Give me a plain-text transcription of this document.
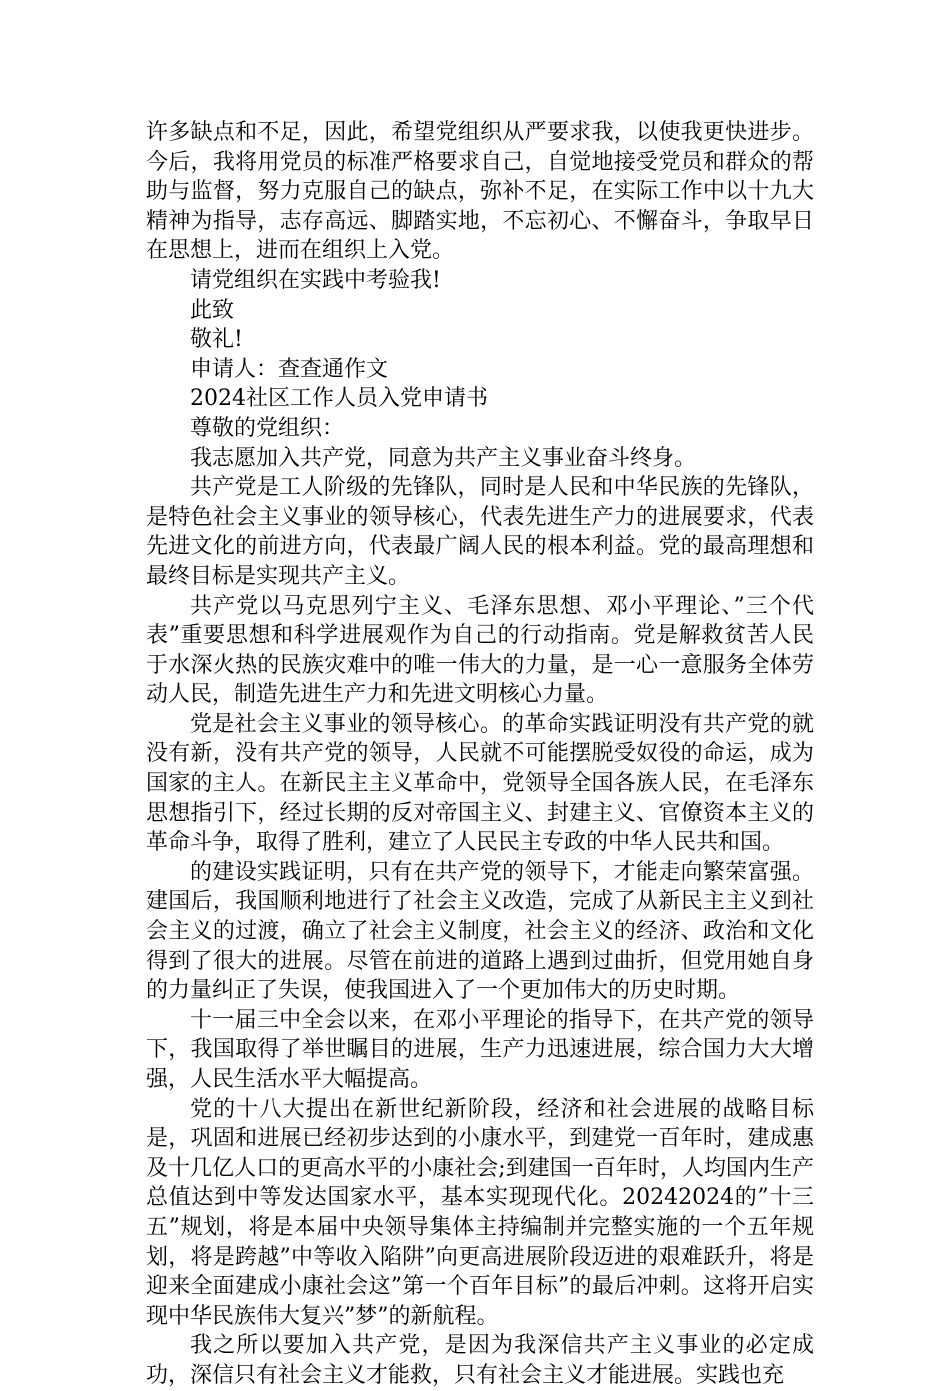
许多缺点和不足，因此，希望党组织从严要求我，以使我更快进步。今后，我将用党员的标准严格要求自己，自觉地接受党员和群众的帮助与监督，努力克服自己的缺点，弥补不足，在实际工作中以十九大精神为指导，志存高远、脚踏实地，不忘初心、不懈奋斗，争取早日在思想上，进而在组织上入党。

请党组织在实践中考验我!

此致

敬礼!

申请人：查查通作文

2024社区工作人员入党申请书

尊敬的党组织：

我志愿加入共产党，同意为共产主义事业奋斗终身。

共产党是工人阶级的先锋队，同时是人民和中华民族的先锋队，是特色社会主义事业的领导核心，代表先进生产力的进展要求，代表先进文化的前进方向，代表最广阔人民的根本利益。党的最高理想和最终目标是实现共产主义。

共产党以马克思列宁主义、毛泽东思想、邓小平理论、”三个代表”重要思想和科学进展观作为自己的行动指南。党是解救贫苦人民于水深火热的民族灾难中的唯一伟大的力量，是一心一意服务全体劳动人民，制造先进生产力和先进文明核心力量。

党是社会主义事业的领导核心。的革命实践证明没有共产党的就没有新，没有共产党的领导，人民就不可能摆脱受奴役的命运，成为国家的主人。在新民主主义革命中，党领导全国各族人民，在毛泽东思想指引下，经过长期的反对帝国主义、封建主义、官僚资本主义的革命斗争，取得了胜利，建立了人民民主专政的中华人民共和国。

的建设实践证明，只有在共产党的领导下，才能走向繁荣富强。建国后，我国顺利地进行了社会主义改造，完成了从新民主主义到社会主义的过渡，确立了社会主义制度，社会主义的经济、政治和文化得到了很大的进展。尽管在前进的道路上遇到过曲折，但党用她自身的力量纠正了失误，使我国进入了一个更加伟大的历史时期。

十一届三中全会以来，在邓小平理论的指导下，在共产党的领导下，我国取得了举世瞩目的进展，生产力迅速进展，综合国力大大增强，人民生活水平大幅提高。

党的十八大提出在新世纪新阶段，经济和社会进展的战略目标是，巩固和进展已经初步达到的小康水平，到建党一百年时，建成惠及十几亿人口的更高水平的小康社会;到建国一百年时，人均国内生产总值达到中等发达国家水平，基本实现现代化。20242024的”十三五”规划，将是本届中央领导集体主持编制并完整实施的一个五年规划，将是跨越”中等收入陷阱”向更高进展阶段迈进的艰难跃升，将是迎来全面建成小康社会这”第一个百年目标”的最后冲刺。这将开启实现中华民族伟大复兴”梦”的新航程。

我之所以要加入共产党，是因为我深信共产主义事业的必定成功，深信只有社会主义才能救，只有社会主义才能进展。实践也充
